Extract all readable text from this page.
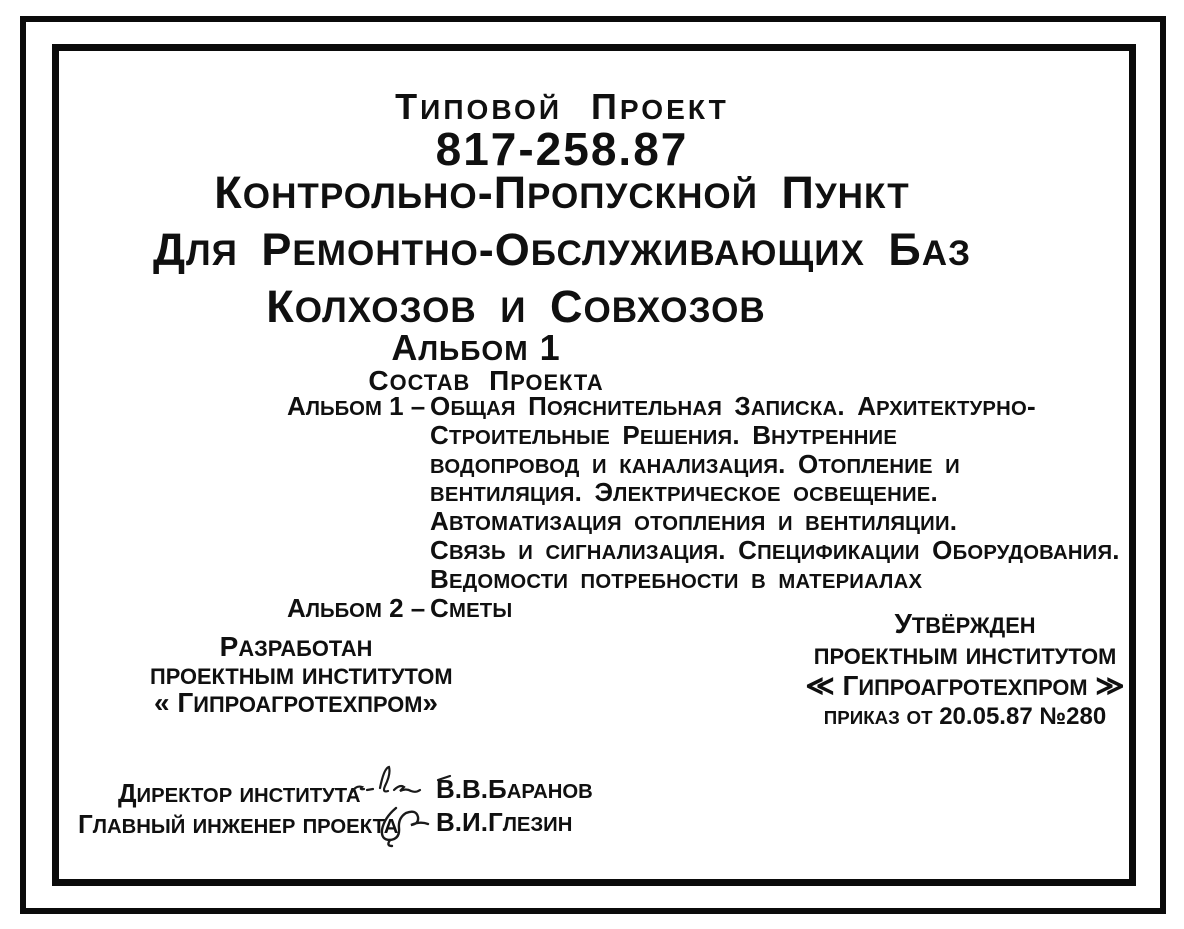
ТИПОВОЙ ПРОЕКТ
817-258.87
КОНТРОЛЬНО-ПРОПУСКНОЙ ПУНКТ
ДЛЯ РЕМОНТНО-ОБСЛУЖИВАЮЩИХ БАЗ
КОЛХОЗОВ И СОВХОЗОВ
АЛЬБОМ 1
СОСТАВ ПРОЕКТА
АЛЬБОМ 1 – ОБЩАЯ ПОЯСНИТЕЛЬНАЯ ЗАПИСКА. АРХИТЕКТУРНО-
СТРОИТЕЛЬНЫЕ РЕШЕНИЯ. ВНУТРЕННИЕ
ВОДОПРОВОД И КАНАЛИЗАЦИЯ. ОТОПЛЕНИЕ И
ВЕНТИЛЯЦИЯ. ЭЛЕКТРИЧЕСКОЕ ОСВЕЩЕНИЕ.
АВТОМАТИЗАЦИЯ ОТОПЛЕНИЯ И ВЕНТИЛЯЦИИ.
СВЯЗЬ И СИГНАЛИЗАЦИЯ. СПЕЦИФИКАЦИИ ОБОРУДОВАНИЯ.
ВЕДОМОСТИ ПОТРЕБНОСТИ В МАТЕРИАЛАХ
АЛЬБОМ 2 – СМЕТЫ
РАЗРАБОТАН
ПРОЕКТНЫМ ИНСТИТУТОМ
« ГИПРОАГРОТЕХПРОМ»
УТВЁРЖДЕН
ПРОЕКТНЫМ ИНСТИТУТОМ
≪ ГИПРОАГРОТЕХПРОМ ≫
ПРИКАЗ ОТ 20.05.87 №280
ДИРЕКТОР ИНСТИТУТА
ГЛАВНЫЙ ИНЖЕНЕР ПРОЕКТА
В.В.БАРАНОВ
В.И.ГЛЕЗИН
